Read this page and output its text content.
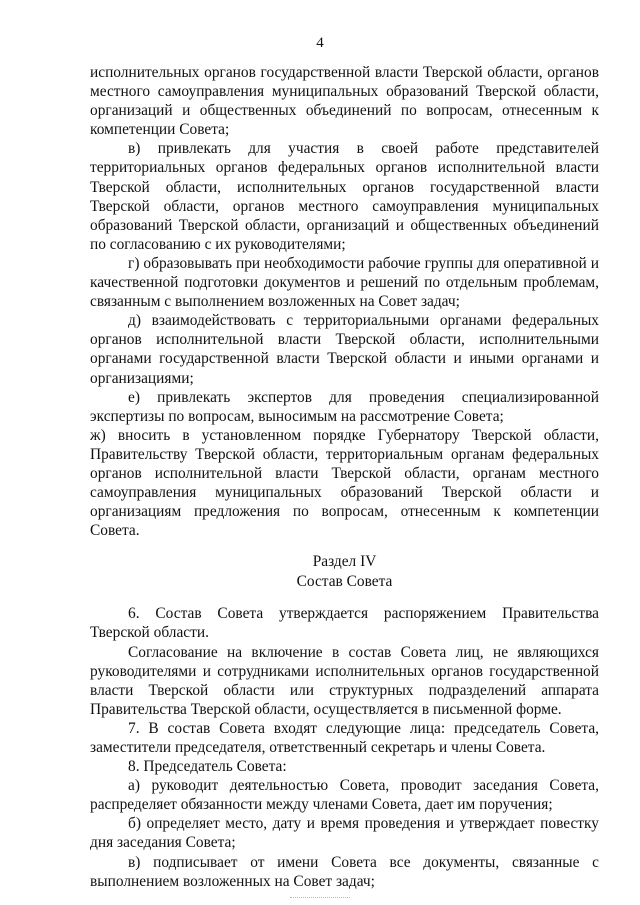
4

исполнительных органов государственной власти Тверской области, органов местного самоуправления муниципальных образований Тверской области, организаций и общественных объединений по вопросам, отнесенным к компетенции Совета;

в) привлекать для участия в своей работе представителей территориальных органов федеральных органов исполнительной власти Тверской области, исполнительных органов государственной власти Тверской области, органов местного самоуправления муниципальных образований Тверской области, организаций и общественных объединений по согласованию с их руководителями;

г) образовывать при необходимости рабочие группы для оперативной и качественной подготовки документов и решений по отдельным проблемам, связанным с выполнением возложенных на Совет задач;

д) взаимодействовать с территориальными органами федеральных органов исполнительной власти Тверской области, исполнительными органами государственной власти Тверской области и иными органами и организациями;

е) привлекать экспертов для проведения специализированной экспертизы по вопросам, выносимым на рассмотрение Совета;

ж) вносить в установленном порядке Губернатору Тверской области, Правительству Тверской области, территориальным органам федеральных органов исполнительной власти Тверской области, органам местного самоуправления муниципальных образований Тверской области и организациям предложения по вопросам, отнесенным к компетенции Совета.

Раздел IV
Состав Совета

6. Состав Совета утверждается распоряжением Правительства Тверской области.

Согласование на включение в состав Совета лиц, не являющихся руководителями и сотрудниками исполнительных органов государственной власти Тверской области или структурных подразделений аппарата Правительства Тверской области, осуществляется в письменной форме.

7. В состав Совета входят следующие лица: председатель Совета, заместители председателя, ответственный секретарь и члены Совета.

8. Председатель Совета:

а) руководит деятельностью Совета, проводит заседания Совета, распределяет обязанности между членами Совета, дает им поручения;

б) определяет место, дату и время проведения и утверждает повестку дня заседания Совета;

в) подписывает от имени Совета все документы, связанные с выполнением возложенных на Совет задач;
